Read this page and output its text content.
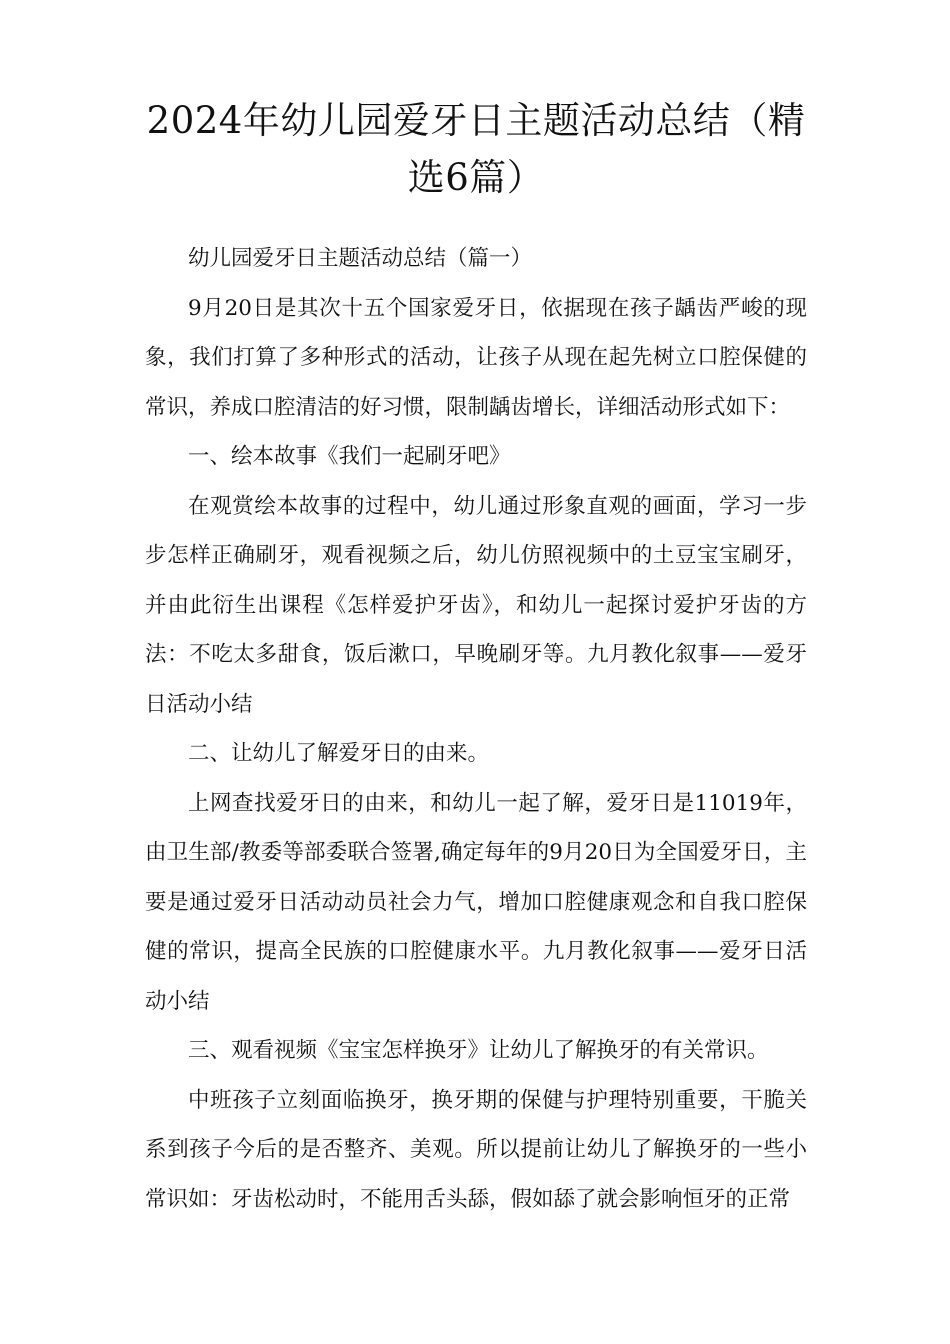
2024年幼儿园爱牙日主题活动总结（精选6篇）

幼儿园爱牙日主题活动总结（篇一）

9月20日是其次十五个国家爱牙日，依据现在孩子龋齿严峻的现象，我们打算了多种形式的活动，让孩子从现在起先树立口腔保健的常识，养成口腔清洁的好习惯，限制龋齿增长，详细活动形式如下：

一、绘本故事《我们一起刷牙吧》

在观赏绘本故事的过程中，幼儿通过形象直观的画面，学习一步步怎样正确刷牙，观看视频之后，幼儿仿照视频中的土豆宝宝刷牙，并由此衍生出课程《怎样爱护牙齿》，和幼儿一起探讨爱护牙齿的方法：不吃太多甜食，饭后漱口，早晚刷牙等。九月教化叙事——爱牙日活动小结

二、让幼儿了解爱牙日的由来。

上网查找爱牙日的由来，和幼儿一起了解，爱牙日是11019年，由卫生部/教委等部委联合签署,确定每年的9月20日为全国爱牙日，主要是通过爱牙日活动动员社会力气，增加口腔健康观念和自我口腔保健的常识，提高全民族的口腔健康水平。九月教化叙事——爱牙日活动小结

三、观看视频《宝宝怎样换牙》让幼儿了解换牙的有关常识。

中班孩子立刻面临换牙，换牙期的保健与护理特别重要，干脆关系到孩子今后的是否整齐、美观。所以提前让幼儿了解换牙的一些小常识如：牙齿松动时，不能用舌头舔，假如舔了就会影响恒牙的正常
